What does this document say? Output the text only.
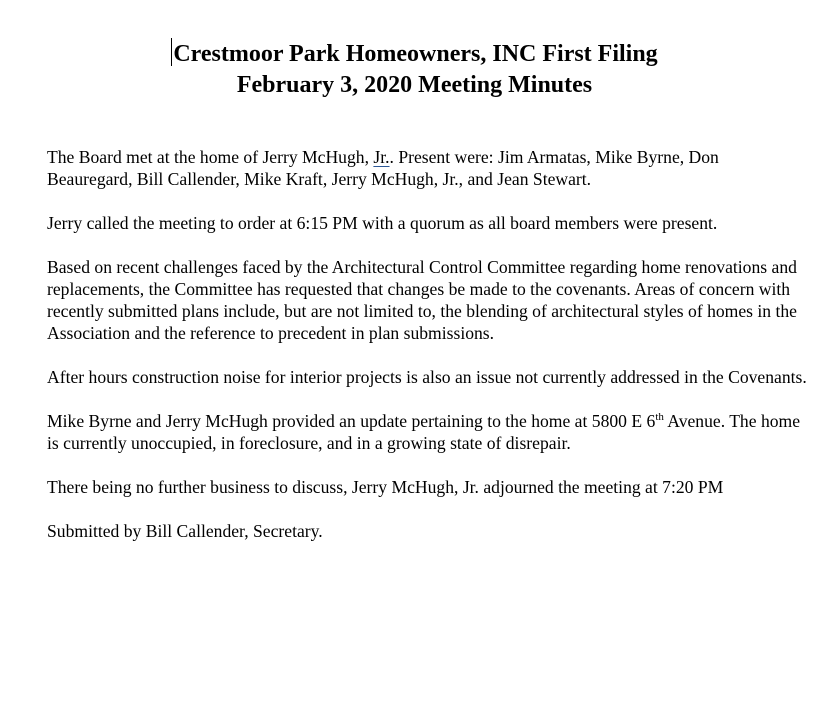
Crestmoor Park Homeowners, INC First Filing
February 3, 2020 Meeting Minutes

The Board met at the home of Jerry McHugh, Jr.. Present were: Jim Armatas, Mike Byrne, Don Beauregard, Bill Callender, Mike Kraft, Jerry McHugh, Jr., and Jean Stewart.

Jerry called the meeting to order at 6:15 PM with a quorum as all board members were present.

Based on recent challenges faced by the Architectural Control Committee regarding home renovations and replacements, the Committee has requested that changes be made to the covenants. Areas of concern with recently submitted plans include, but are not limited to, the blending of architectural styles of homes in the Association and the reference to precedent in plan submissions.

After hours construction noise for interior projects is also an issue not currently addressed in the Covenants.

Mike Byrne and Jerry McHugh provided an update pertaining to the home at 5800 E 6th Avenue. The home is currently unoccupied, in foreclosure, and in a growing state of disrepair.

There being no further business to discuss, Jerry McHugh, Jr. adjourned the meeting at 7:20 PM

Submitted by Bill Callender, Secretary.
